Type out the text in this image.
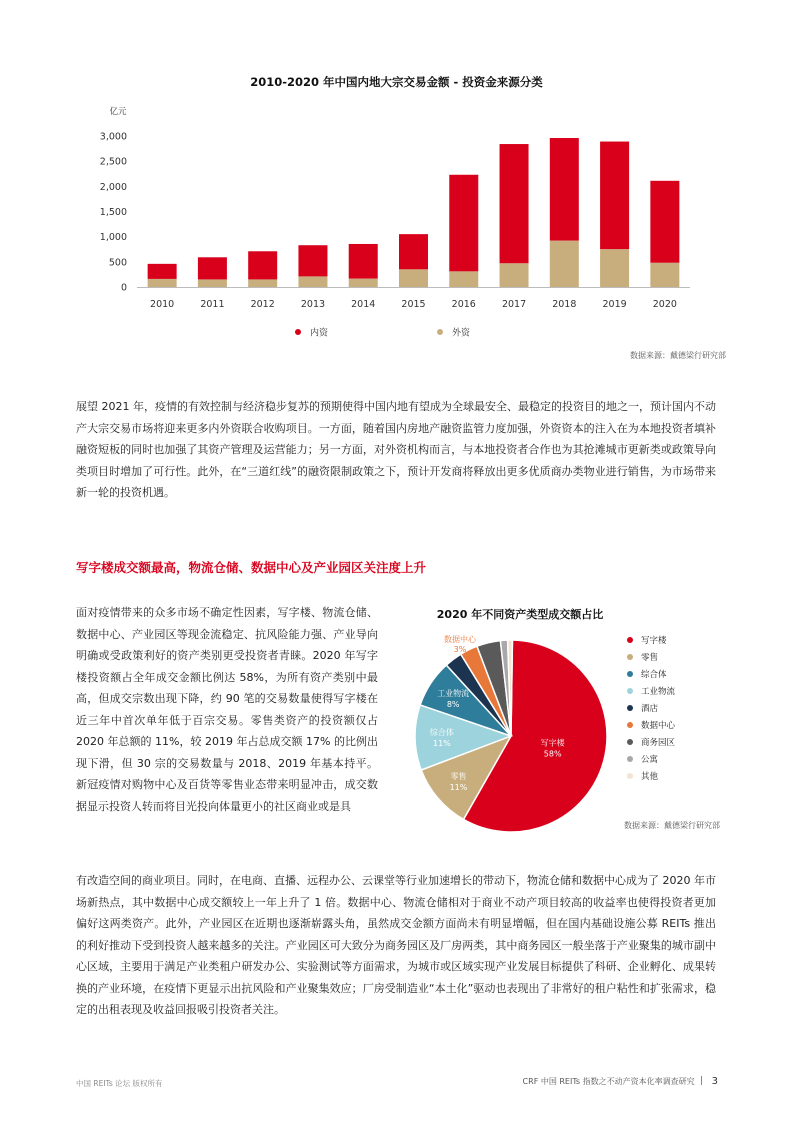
2010-2020 年中国内地大宗交易金额 - 投资金来源分类
亿元
3,000
2,500
2,000
1,500
1,000
500
0
2010	2011	2012	2013	2014	2015	2016	2017	2018	2019	2020
内资	外资
数据来源：戴德梁行研究部
展望 2021 年，疫情的有效控制与经济稳步复苏的预期使得中国内地有望成为全球最安全、最稳定的投资目的地之一，预计国内不动产大宗交易市场将迎来更多内外资联合收购项目。一方面，随着国内房地产融资监管力度加强，外资资本的注入在为本地投资者填补融资短板的同时也加强了其资产管理及运营能力；另一方面，对外资机构而言，与本地投资者合作也为其抢滩城市更新类或政策导向类项目时增加了可行性。此外，在“三道红线”的融资限制政策之下，预计开发商将释放出更多优质商办类物业进行销售，为市场带来新一轮的投资机遇。
写字楼成交额最高，物流仓储、数据中心及产业园区关注度上升
面对疫情带来的众多市场不确定性因素，写字楼、物流仓储、数据中心、产业园区等现金流稳定、抗风险能力强、产业导向明确或受政策利好的资产类别更受投资者青睐。2020 年写字楼投资额占全年成交金额比例达 58%，为所有资产类别中最高，但成交宗数出现下降，约 90 笔的交易数量使得写字楼在近三年中首次单年低于百宗交易。零售类资产的投资额仅占 2020 年总额的 11%，较 2019 年占总成交额 17% 的比例出现下滑，但 30 宗的交易数量与 2018、2019 年基本持平。新冠疫情对购物中心及百货等零售业态带来明显冲击，成交数据显示投资人转而将目光投向体量更小的社区商业或是具
2020 年不同资产类型成交额占比
写字楼
58%
零售
11%
综合体
11%
工业物流
8%
数据中心
3%
写字楼
零售
综合体
工业物流
酒店
数据中心
商务园区
公寓
其他
数据来源：戴德梁行研究部
有改造空间的商业项目。同时，在电商、直播、远程办公、云课堂等行业加速增长的带动下，物流仓储和数据中心成为了 2020 年市场新热点，其中数据中心成交额较上一年上升了 1 倍。数据中心、物流仓储相对于商业不动产项目较高的收益率也使得投资者更加偏好这两类资产。此外，产业园区在近期也逐渐崭露头角，虽然成交金额方面尚未有明显增幅，但在国内基础设施公募 REITs 推出的利好推动下受到投资人越来越多的关注。产业园区可大致分为商务园区及厂房两类，其中商务园区一般坐落于产业聚集的城市副中心区域，主要用于满足产业类租户研发办公、实验测试等方面需求，为城市或区域实现产业发展目标提供了科研、企业孵化、成果转换的产业环境，在疫情下更显示出抗风险和产业聚集效应；厂房受制造业“本土化”驱动也表现出了非常好的租户粘性和扩张需求，稳定的出租表现及收益回报吸引投资者关注。
中国 REITs 论坛 版权所有	CRF 中国 REITs 指数之不动产资本化率调查研究 3
